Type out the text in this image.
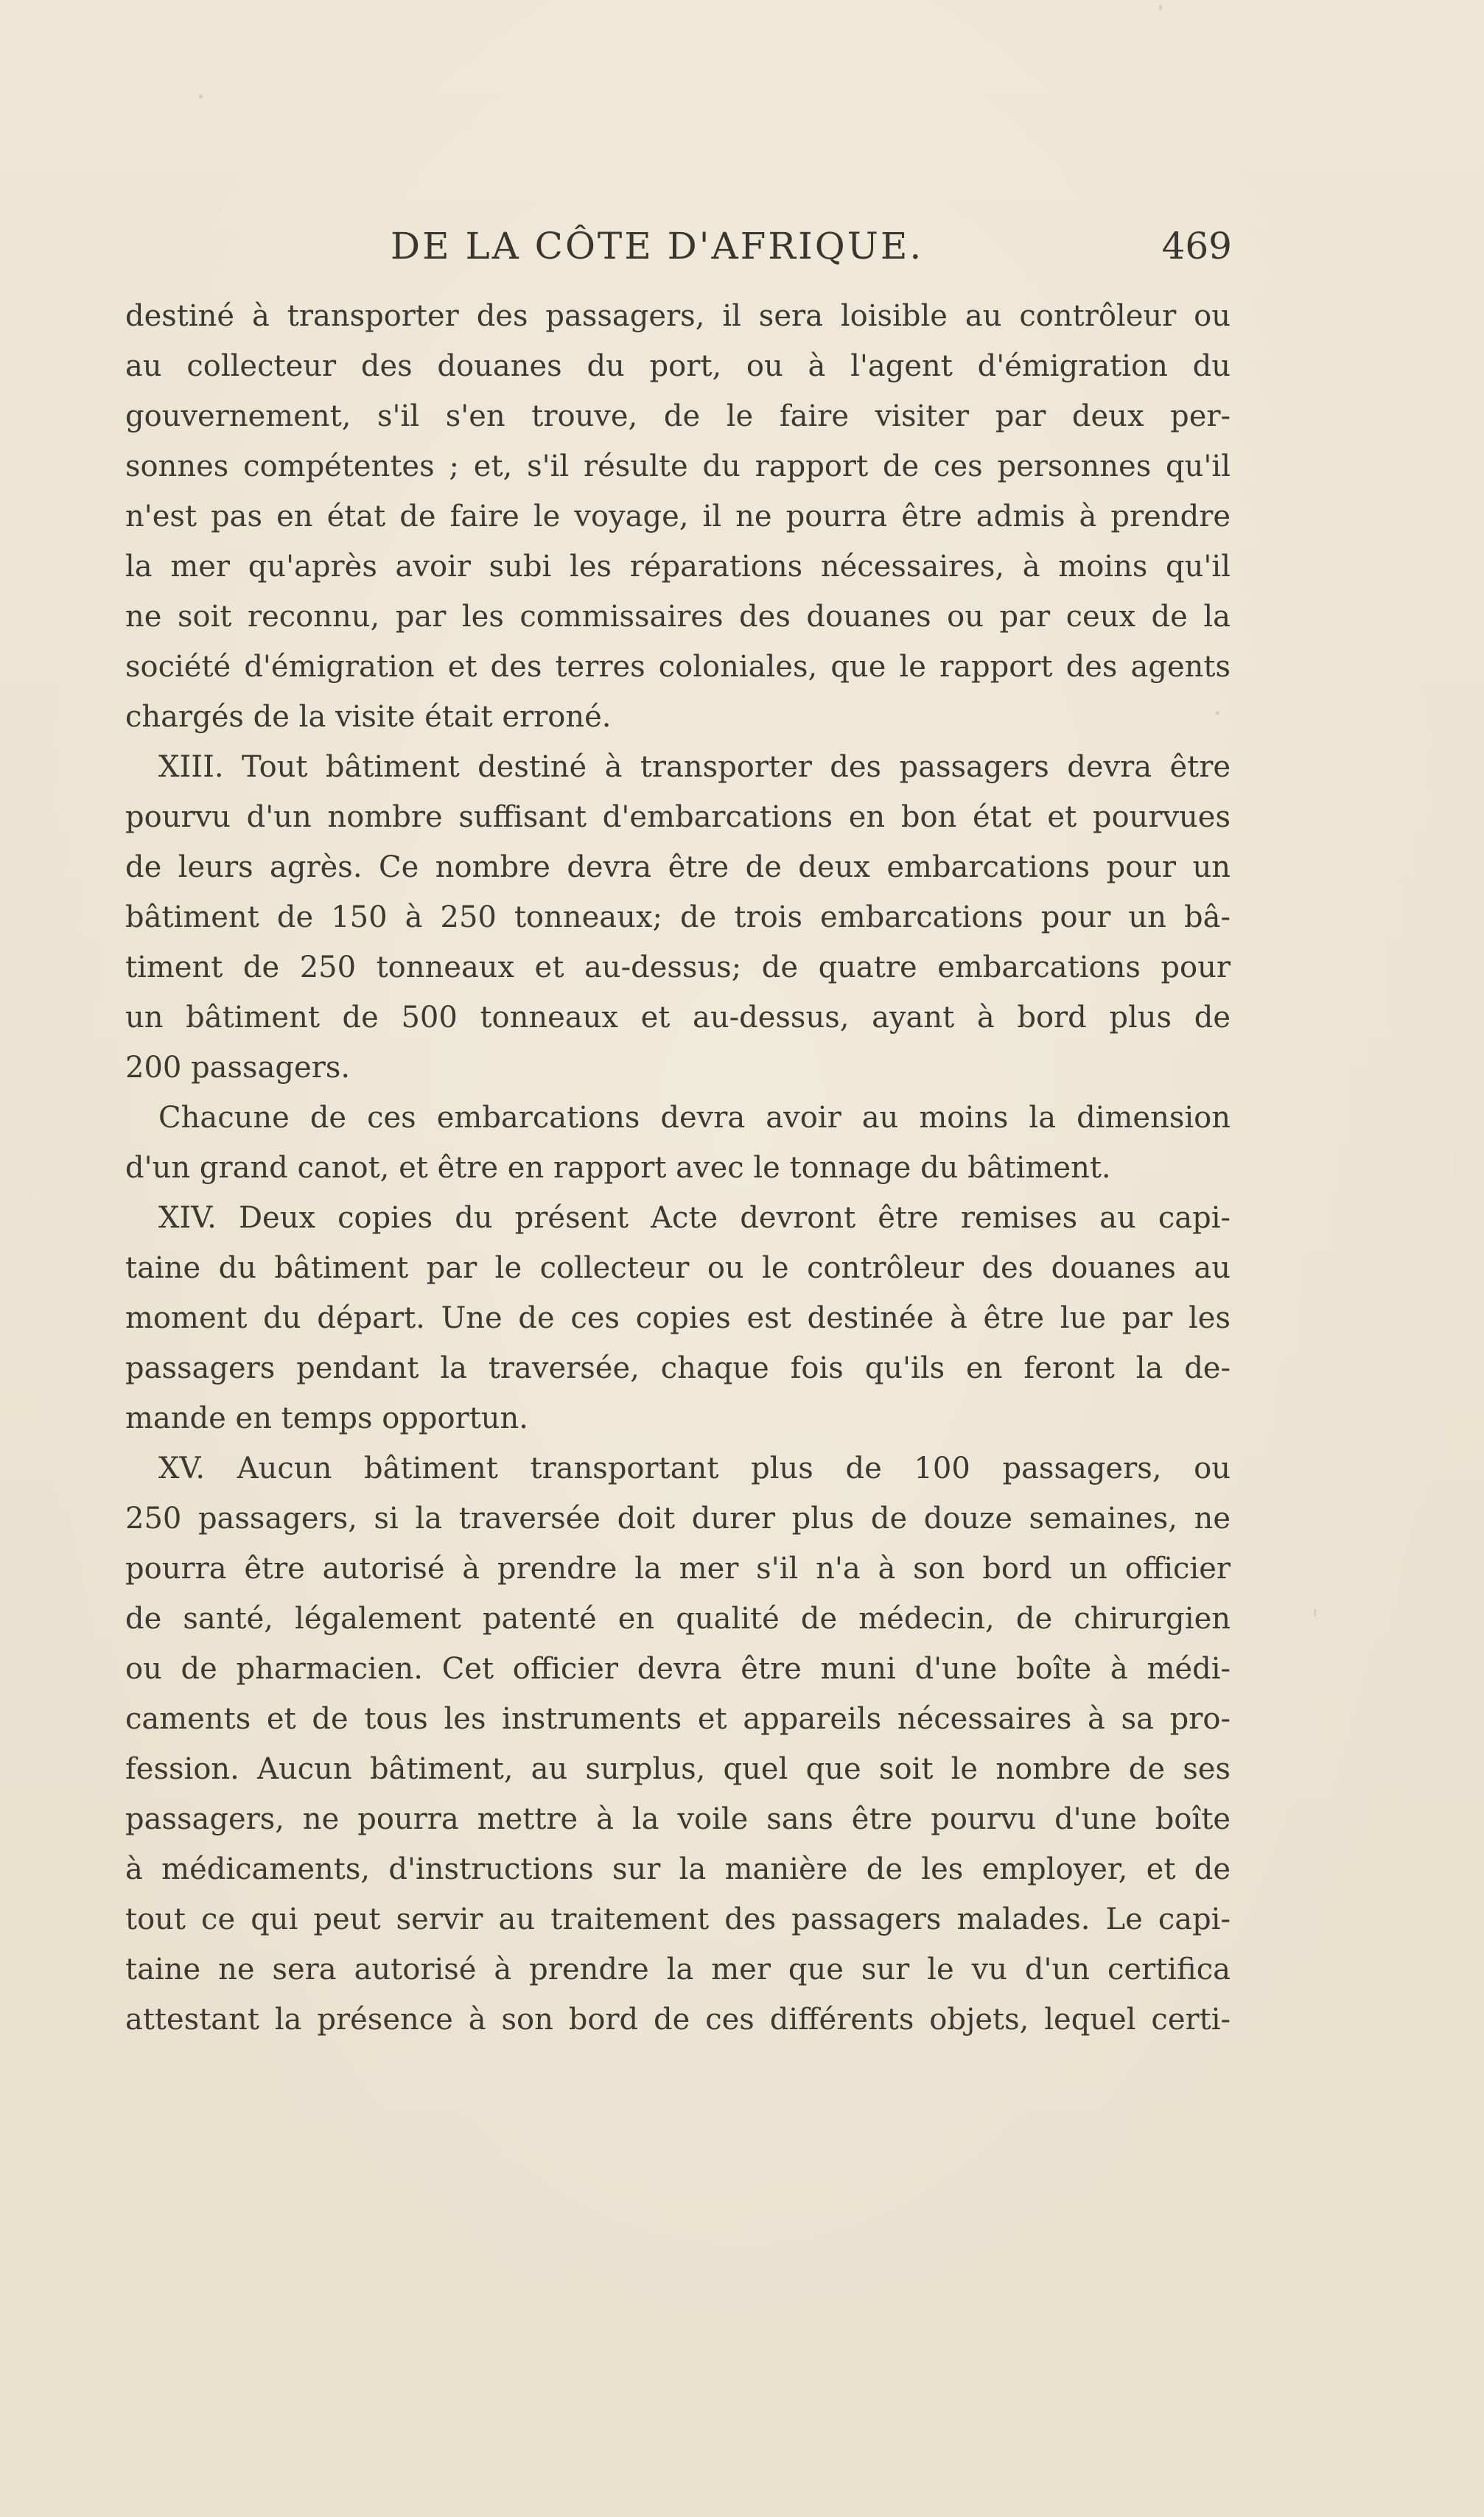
DE LA CÔTE D'AFRIQUE.	469
destiné à transporter des passagers, il sera loisible au contrôleur ou
au collecteur des douanes du port, ou à l'agent d'émigration du
gouvernement, s'il s'en trouve, de le faire visiter par deux per-
sonnes compétentes ; et, s'il résulte du rapport de ces personnes qu'il
n'est pas en état de faire le voyage, il ne pourra être admis à prendre
la mer qu'après avoir subi les réparations nécessaires, à moins qu'il
ne soit reconnu, par les commissaires des douanes ou par ceux de la
société d'émigration et des terres coloniales, que le rapport des agents
chargés de la visite était erroné.
XIII. Tout bâtiment destiné à transporter des passagers devra être
pourvu d'un nombre suffisant d'embarcations en bon état et pourvues
de leurs agrès. Ce nombre devra être de deux embarcations pour un
bâtiment de 150 à 250 tonneaux; de trois embarcations pour un bâ-
timent de 250 tonneaux et au-dessus; de quatre embarcations pour
un bâtiment de 500 tonneaux et au-dessus, ayant à bord plus de
200 passagers.
Chacune de ces embarcations devra avoir au moins la dimension
d'un grand canot, et être en rapport avec le tonnage du bâtiment.
XIV. Deux copies du présent Acte devront être remises au capi-
taine du bâtiment par le collecteur ou le contrôleur des douanes au
moment du départ. Une de ces copies est destinée à être lue par les
passagers pendant la traversée, chaque fois qu'ils en feront la de-
mande en temps opportun.
XV. Aucun bâtiment transportant plus de 100 passagers, ou
250 passagers, si la traversée doit durer plus de douze semaines, ne
pourra être autorisé à prendre la mer s'il n'a à son bord un officier
de santé, légalement patenté en qualité de médecin, de chirurgien
ou de pharmacien. Cet officier devra être muni d'une boîte à médi-
caments et de tous les instruments et appareils nécessaires à sa pro-
fession. Aucun bâtiment, au surplus, quel que soit le nombre de ses
passagers, ne pourra mettre à la voile sans être pourvu d'une boîte
à médicaments, d'instructions sur la manière de les employer, et de
tout ce qui peut servir au traitement des passagers malades. Le capi-
taine ne sera autorisé à prendre la mer que sur le vu d'un certifica
attestant la présence à son bord de ces différents objets, lequel certi-
